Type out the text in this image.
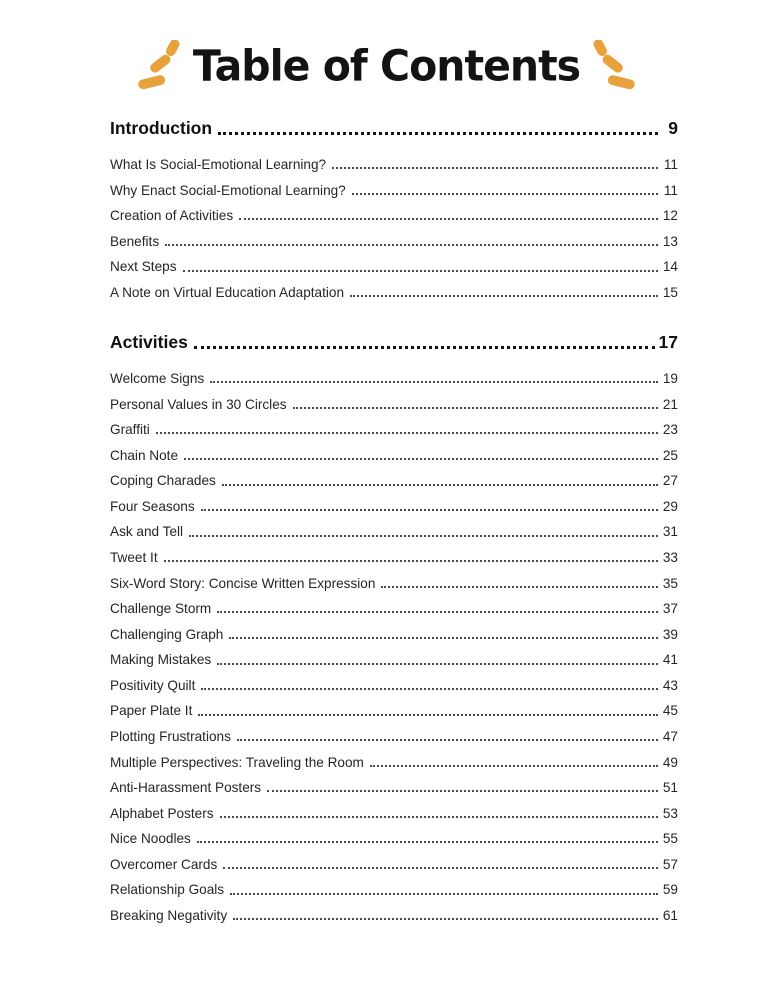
Table of Contents
Introduction	9
What Is Social-Emotional Learning?	11
Why Enact Social-Emotional Learning?	11
Creation of Activities	12
Benefits	13
Next Steps	14
A Note on Virtual Education Adaptation	15
Activities	17
Welcome Signs	19
Personal Values in 30 Circles	21
Graffiti	23
Chain Note	25
Coping Charades	27
Four Seasons	29
Ask and Tell	31
Tweet It	33
Six-Word Story: Concise Written Expression	35
Challenge Storm	37
Challenging Graph	39
Making Mistakes	41
Positivity Quilt	43
Paper Plate It	45
Plotting Frustrations	47
Multiple Perspectives: Traveling the Room	49
Anti-Harassment Posters	51
Alphabet Posters	53
Nice Noodles	55
Overcomer Cards	57
Relationship Goals	59
Breaking Negativity	61
